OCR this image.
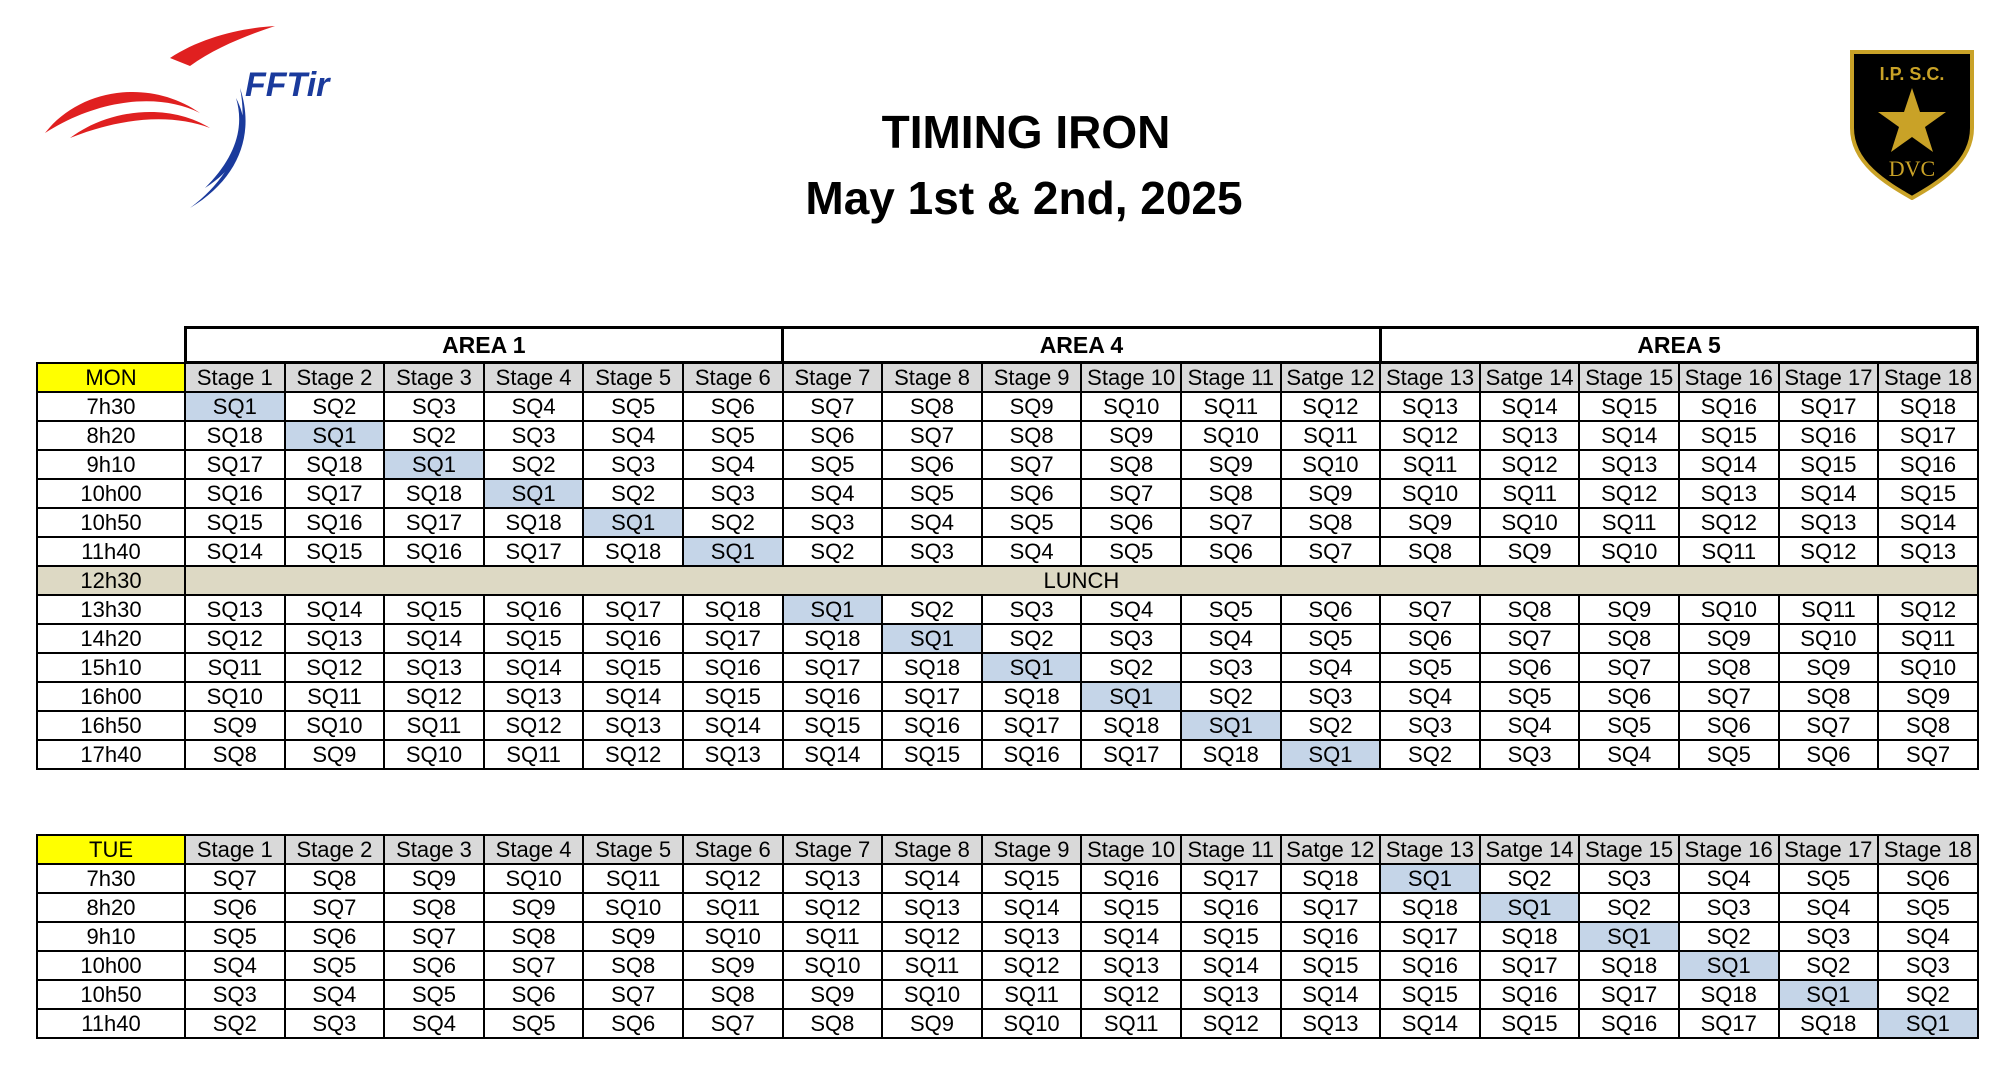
FFTir	I.P. S.C.
DVC
TIMING IRON
May 1st & 2nd, 2025
	AREA 1						AREA 4						AREA 5					
MON	Stage 1	Stage 2	Stage 3	Stage 4	Stage 5	Stage 6	Stage 7	Stage 8	Stage 9	Stage 10	Stage 11	Satge 12	Stage 13	Satge 14	Stage 15	Stage 16	Stage 17	Stage 18
7h30	SQ1	SQ2	SQ3	SQ4	SQ5	SQ6	SQ7	SQ8	SQ9	SQ10	SQ11	SQ12	SQ13	SQ14	SQ15	SQ16	SQ17	SQ18
8h20	SQ18	SQ1	SQ2	SQ3	SQ4	SQ5	SQ6	SQ7	SQ8	SQ9	SQ10	SQ11	SQ12	SQ13	SQ14	SQ15	SQ16	SQ17
9h10	SQ17	SQ18	SQ1	SQ2	SQ3	SQ4	SQ5	SQ6	SQ7	SQ8	SQ9	SQ10	SQ11	SQ12	SQ13	SQ14	SQ15	SQ16
10h00	SQ16	SQ17	SQ18	SQ1	SQ2	SQ3	SQ4	SQ5	SQ6	SQ7	SQ8	SQ9	SQ10	SQ11	SQ12	SQ13	SQ14	SQ15
10h50	SQ15	SQ16	SQ17	SQ18	SQ1	SQ2	SQ3	SQ4	SQ5	SQ6	SQ7	SQ8	SQ9	SQ10	SQ11	SQ12	SQ13	SQ14
11h40	SQ14	SQ15	SQ16	SQ17	SQ18	SQ1	SQ2	SQ3	SQ4	SQ5	SQ6	SQ7	SQ8	SQ9	SQ10	SQ11	SQ12	SQ13
12h30	LUNCH																	
13h30	SQ13	SQ14	SQ15	SQ16	SQ17	SQ18	SQ1	SQ2	SQ3	SQ4	SQ5	SQ6	SQ7	SQ8	SQ9	SQ10	SQ11	SQ12
14h20	SQ12	SQ13	SQ14	SQ15	SQ16	SQ17	SQ18	SQ1	SQ2	SQ3	SQ4	SQ5	SQ6	SQ7	SQ8	SQ9	SQ10	SQ11
15h10	SQ11	SQ12	SQ13	SQ14	SQ15	SQ16	SQ17	SQ18	SQ1	SQ2	SQ3	SQ4	SQ5	SQ6	SQ7	SQ8	SQ9	SQ10
16h00	SQ10	SQ11	SQ12	SQ13	SQ14	SQ15	SQ16	SQ17	SQ18	SQ1	SQ2	SQ3	SQ4	SQ5	SQ6	SQ7	SQ8	SQ9
16h50	SQ9	SQ10	SQ11	SQ12	SQ13	SQ14	SQ15	SQ16	SQ17	SQ18	SQ1	SQ2	SQ3	SQ4	SQ5	SQ6	SQ7	SQ8
17h40	SQ8	SQ9	SQ10	SQ11	SQ12	SQ13	SQ14	SQ15	SQ16	SQ17	SQ18	SQ1	SQ2	SQ3	SQ4	SQ5	SQ6	SQ7
TUE	Stage 1	Stage 2	Stage 3	Stage 4	Stage 5	Stage 6	Stage 7	Stage 8	Stage 9	Stage 10	Stage 11	Satge 12	Stage 13	Satge 14	Stage 15	Stage 16	Stage 17	Stage 18
7h30	SQ7	SQ8	SQ9	SQ10	SQ11	SQ12	SQ13	SQ14	SQ15	SQ16	SQ17	SQ18	SQ1	SQ2	SQ3	SQ4	SQ5	SQ6
8h20	SQ6	SQ7	SQ8	SQ9	SQ10	SQ11	SQ12	SQ13	SQ14	SQ15	SQ16	SQ17	SQ18	SQ1	SQ2	SQ3	SQ4	SQ5
9h10	SQ5	SQ6	SQ7	SQ8	SQ9	SQ10	SQ11	SQ12	SQ13	SQ14	SQ15	SQ16	SQ17	SQ18	SQ1	SQ2	SQ3	SQ4
10h00	SQ4	SQ5	SQ6	SQ7	SQ8	SQ9	SQ10	SQ11	SQ12	SQ13	SQ14	SQ15	SQ16	SQ17	SQ18	SQ1	SQ2	SQ3
10h50	SQ3	SQ4	SQ5	SQ6	SQ7	SQ8	SQ9	SQ10	SQ11	SQ12	SQ13	SQ14	SQ15	SQ16	SQ17	SQ18	SQ1	SQ2
11h40	SQ2	SQ3	SQ4	SQ5	SQ6	SQ7	SQ8	SQ9	SQ10	SQ11	SQ12	SQ13	SQ14	SQ15	SQ16	SQ17	SQ18	SQ1
